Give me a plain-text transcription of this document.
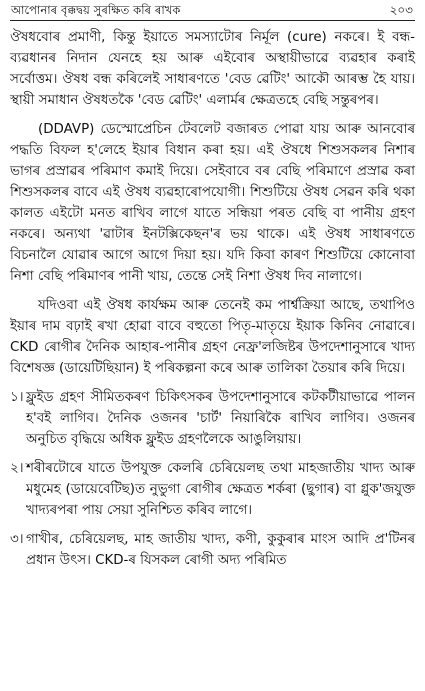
আপোনাৰ বৃক্কদ্বয় সুৰক্ষিত কৰি ৰাখক	২০৩

ঔষধবোৰ প্ৰমাণী, কিন্তু ইয়াতে সমস্যাটোৰ নিৰ্মূল (cure) নকৰে। ই বন্ধ-ব্যৱধানৰ নিদান যেনহে হয় আৰু এইবোৰ অস্থায়ীভাৱে ব্যৱহাৰ কৰাই সৰ্বোত্তম। ঔষধ বন্ধ কৰিলেই সাধাৰণতে 'বেড ৱেটিং' আকৌ আৰম্ভ হৈ যায়। স্থায়ী সমাধান ঔষধতকৈ 'বেড ৱেটিং' এলাৰ্মৰ ক্ষেত্ৰতহে বেছি সন্তুৰপৰ।

(DDAVP) ডেস্মোপ্ৰেচিন টেবলেট বজাৰত পোৱা যায় আৰু আনবোৰ পদ্ধতি বিফল হ'লেহে ইয়াৰ বিধান কৰা হয়। এই ঔষধে শিশুসকলৰ নিশাৰ ভাগৰ প্ৰস্ৰাৱৰ পৰিমাণ কমাই দিয়ে। সেইবাবে বৰ বেছি পৰিমাণে প্ৰস্ৰাৱ কৰা শিশুসকলৰ বাবে এই ঔষধ ব্যৱহাৰোপযোগী। শিশুটিয়ে ঔষধ সেৱন কৰি থকা কালত এইটো মনত ৰাখিব লাগে যাতে সন্ধিয়া পৰত বেছি বা পানীয় গ্ৰহণ নকৰে। অন্যথা 'ৱাটাৰ ইনটক্সিকেছন'ৰ ভয় থাকে। এই ঔষধ সাধাৰণতে বিচনালৈ যোৱাৰ আগে আগে দিয়া হয়। যদি কিবা কাৰণ শিশুটিয়ে কোনোবা নিশা বেছি পৰিমাণৰ পানী খায়, তেন্তে সেই নিশা ঔষধ দিব নালাগে।

যদিওবা এই ঔষধ কাৰ্যক্ষম আৰু তেনেই কম পাৰ্শ্বক্ৰিয়া আছে, তথাপিও ইয়াৰ দাম বঢ়াই ৰখা হোৱা বাবে বহুতো পিতৃ-মাতৃয়ে ইয়াক কিনিব নোৱাৰে। CKD ৰোগীৰ দৈনিক আহাৰ-পানীৰ গ্ৰহণ নেফ্ৰ'লজিষ্টৰ উপদেশানুসাৰে খাদ্য বিশেষজ্ঞ (ডায়েটিছিয়ান) ই পৰিকল্পনা কৰে আৰু তালিকা তৈয়াৰ কৰি দিয়ে।

১। ফ্লুইড গ্ৰহণ সীমিতকৰণ চিকিৎসকৰ উপদেশানুসাৰে কটকটীয়াভাৱে পালন হ'বই লাগিব। দৈনিক ওজনৰ 'চাৰ্ট' নিয়াৰিকৈ ৰাখিব লাগিব। ওজনৰ অনুচিত বৃদ্ধিয়ে অধিক ফ্লুইড গ্ৰহণলৈকে আঙুলিয়ায়।
২। শৰীৰটোৰে যাতে উপযুক্ত কেলৰি চেৰিয়েলছ তথা মাহজাতীয় খাদ্য আৰু মধুমেহ (ডায়েবেটিছ)ত নুভুগা ৰোগীৰ ক্ষেত্ৰত শৰ্কৰা (ছুগাৰ) বা গ্লুক'জযুক্ত খাদ্যৰপৰা পায় সেয়া সুনিশ্চিত কৰিব লাগে।
৩। গাখীৰ, চেৰিয়েলছ, মাহ জাতীয় খাদ্য, কণী, কুকুৰাৰ মাংস আদি প্ৰ'টিনৰ প্ৰধান উৎস। CKD-ৰ যিসকল ৰোগী অদ্য পৰিমিত
